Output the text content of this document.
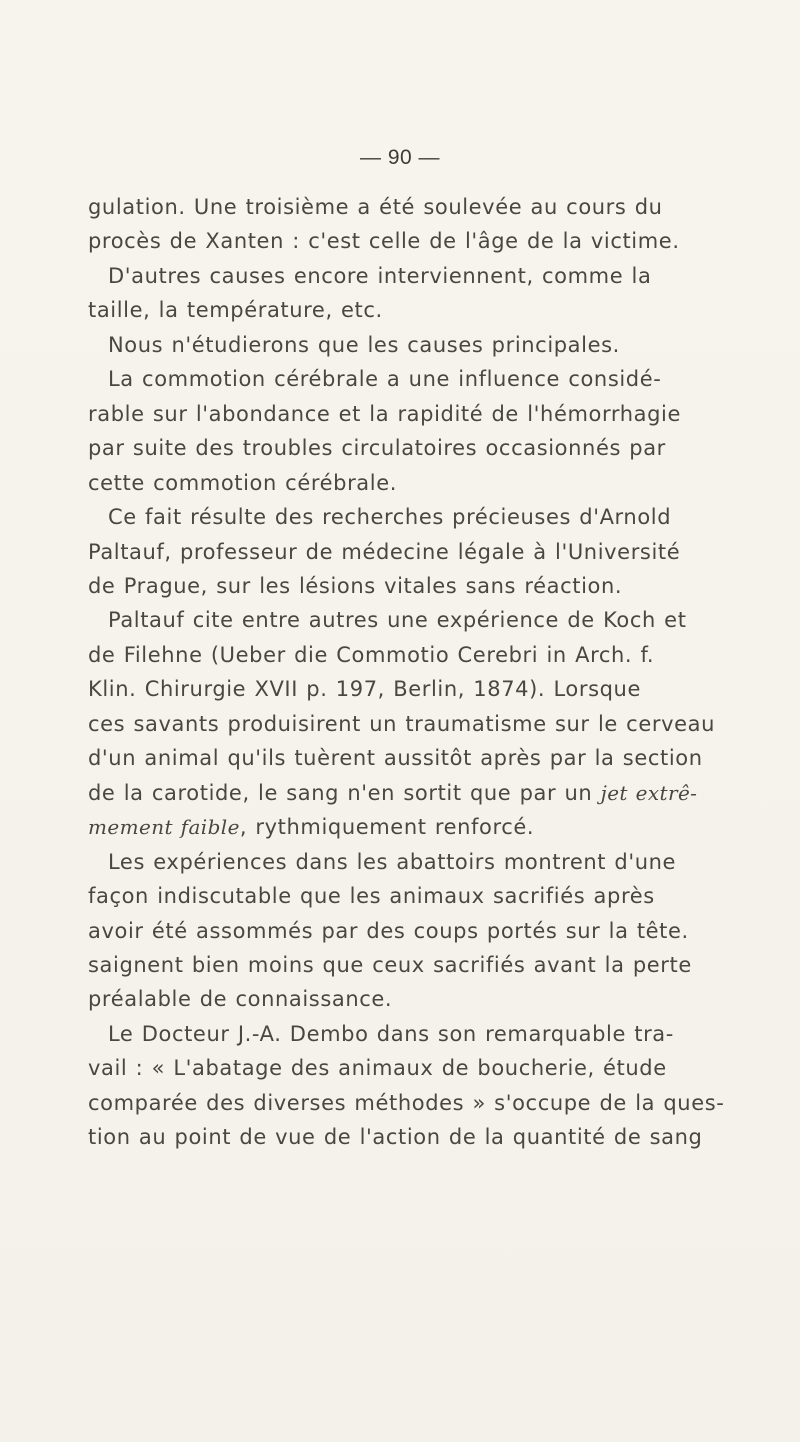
— 90 —
gulation. Une troisième a été soulevée au cours du
procès de Xanten : c'est celle de l'âge de la victime.
D'autres causes encore interviennent, comme la
taille, la température, etc.
Nous n'étudierons que les causes principales.
La commotion cérébrale a une influence considé-
rable sur l'abondance et la rapidité de l'hémorrhagie
par suite des troubles circulatoires occasionnés par
cette commotion cérébrale.
Ce fait résulte des recherches précieuses d'Arnold
Paltauf, professeur de médecine légale à l'Université
de Prague, sur les lésions vitales sans réaction.
Paltauf cite entre autres une expérience de Koch et
de Filehne (Ueber die Commotio Cerebri in Arch. f.
Klin. Chirurgie XVII p. 197, Berlin, 1874). Lorsque
ces savants produisirent un traumatisme sur le cerveau
d'un animal qu'ils tuèrent aussitôt après par la section
de la carotide, le sang n'en sortit que par un jet extrê-
mement faible, rythmiquement renforcé.
Les expériences dans les abattoirs montrent d'une
façon indiscutable que les animaux sacrifiés après
avoir été assommés par des coups portés sur la tête.
saignent bien moins que ceux sacrifiés avant la perte
préalable de connaissance.
Le Docteur J.-A. Dembo dans son remarquable tra-
vail : « L'abatage des animaux de boucherie, étude
comparée des diverses méthodes » s'occupe de la ques-
tion au point de vue de l'action de la quantité de sang
